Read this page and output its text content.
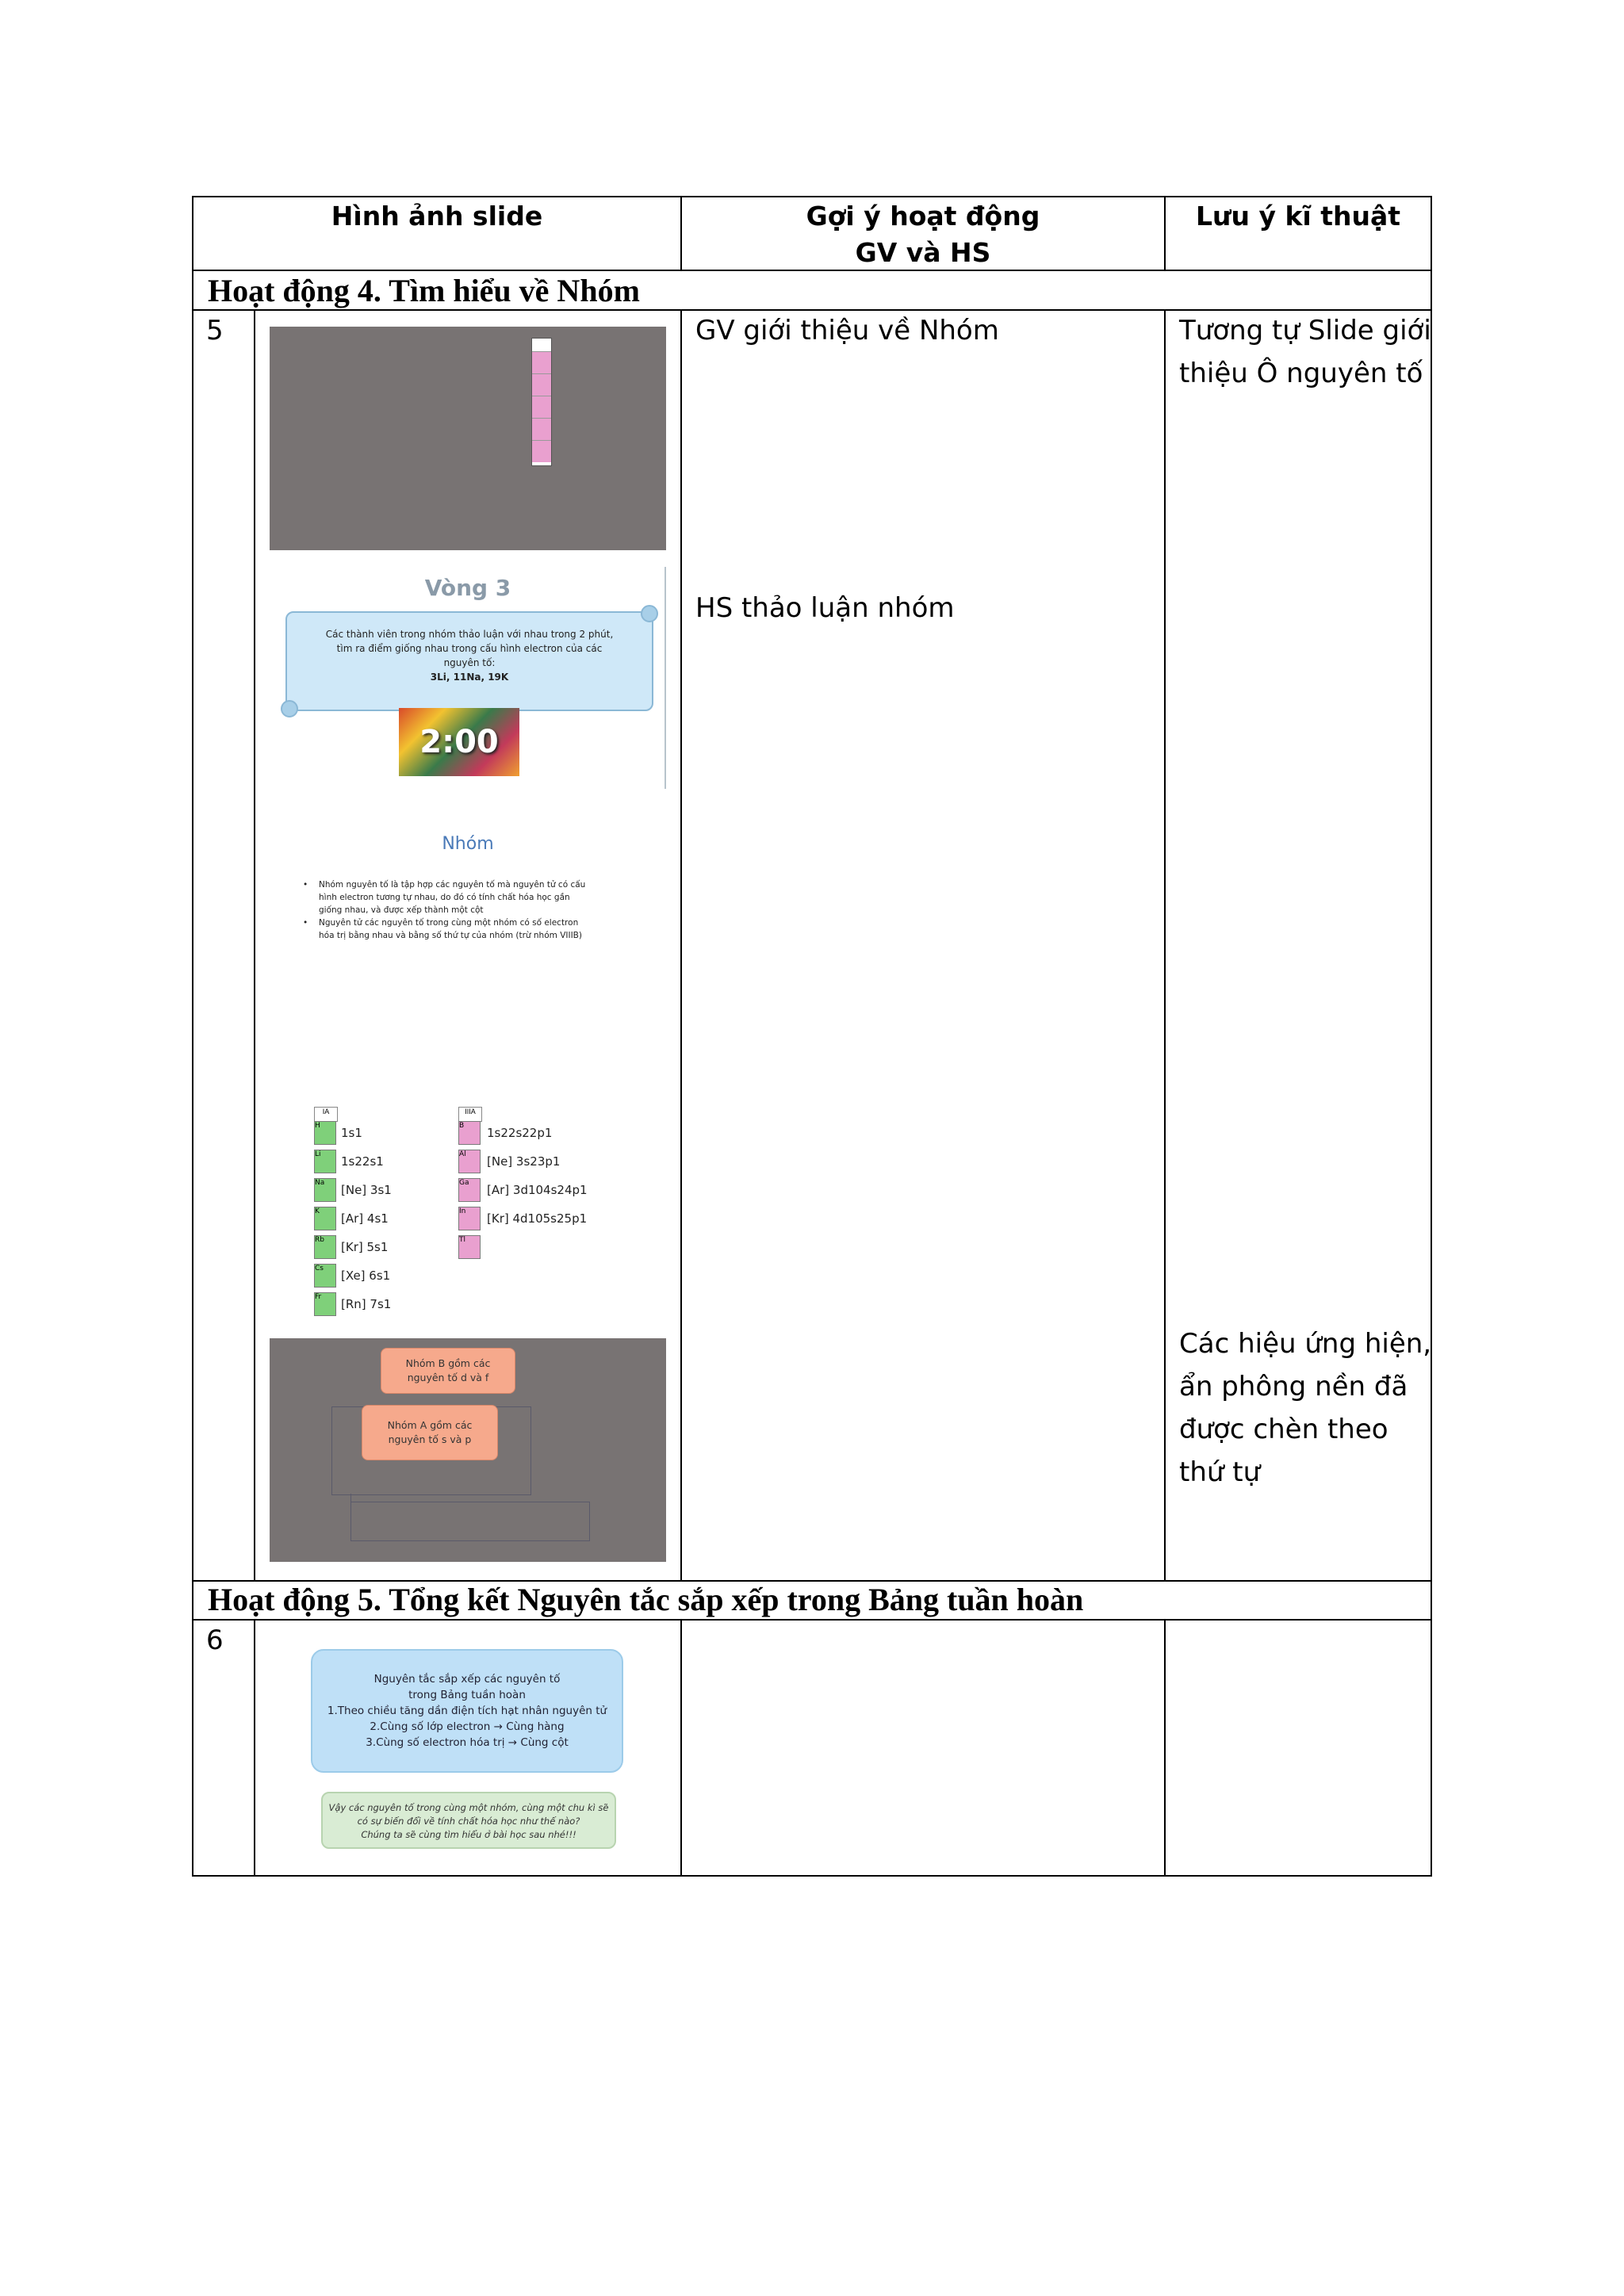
Hình ảnh slide	Gợi ý hoạt động
GV và HS
Lưu ý kĩ thuật
Hoạt động 4. Tìm hiểu về Nhóm
5	GV giới thiệu về Nhóm
HS thảo luận nhóm
Tương tự Slide giới
thiệu Ô nguyên tố
Các hiệu ứng hiện,
ẩn phông nền đã
được chèn theo
thứ tự
Vòng 3
Các thành viên trong nhóm thảo luận với nhau trong 2 phút,
tìm ra điểm giống nhau trong cấu hình electron của các
nguyên tố:
3Li, 11Na, 19K
2:00
Nhóm
• Nhóm nguyên tố là tập hợp các nguyên tố mà nguyên tử có cấu
hình electron tương tự nhau, do đó có tính chất hóa học gần
giống nhau, và được xếp thành một cột
• Nguyên tử các nguyên tố trong cùng một nhóm có số electron
hóa trị bằng nhau và bằng số thứ tự của nhóm (trừ nhóm VIIIB)
IA
H
Li
Na
K
Rb
Cs
Fr
1s1
1s22s1
[Ne] 3s1
[Ar] 4s1
[Kr] 5s1
[Xe] 6s1
[Rn] 7s1
IIIA
B
Al
Ga
In
Tl
1s22s22p1
[Ne] 3s23p1
[Ar] 3d104s24p1
[Kr] 4d105s25p1
Nhóm B gồm các
nguyên tố d và f
Nhóm A gồm các
nguyên tố s và p
Hoạt động 5. Tổng kết Nguyên tắc sắp xếp trong Bảng tuần hoàn
6
Nguyên tắc sắp xếp các nguyên tố
trong Bảng tuần hoàn
1.Theo chiều tăng dần điện tích hạt nhân nguyên tử
2.Cùng số lớp electron → Cùng hàng
3.Cùng số electron hóa trị → Cùng cột
Vậy các nguyên tố trong cùng một nhóm, cùng một chu kì sẽ
có sự biến đổi về tính chất hóa học như thế nào?
Chúng ta sẽ cùng tìm hiểu ở bài học sau nhé!!!
